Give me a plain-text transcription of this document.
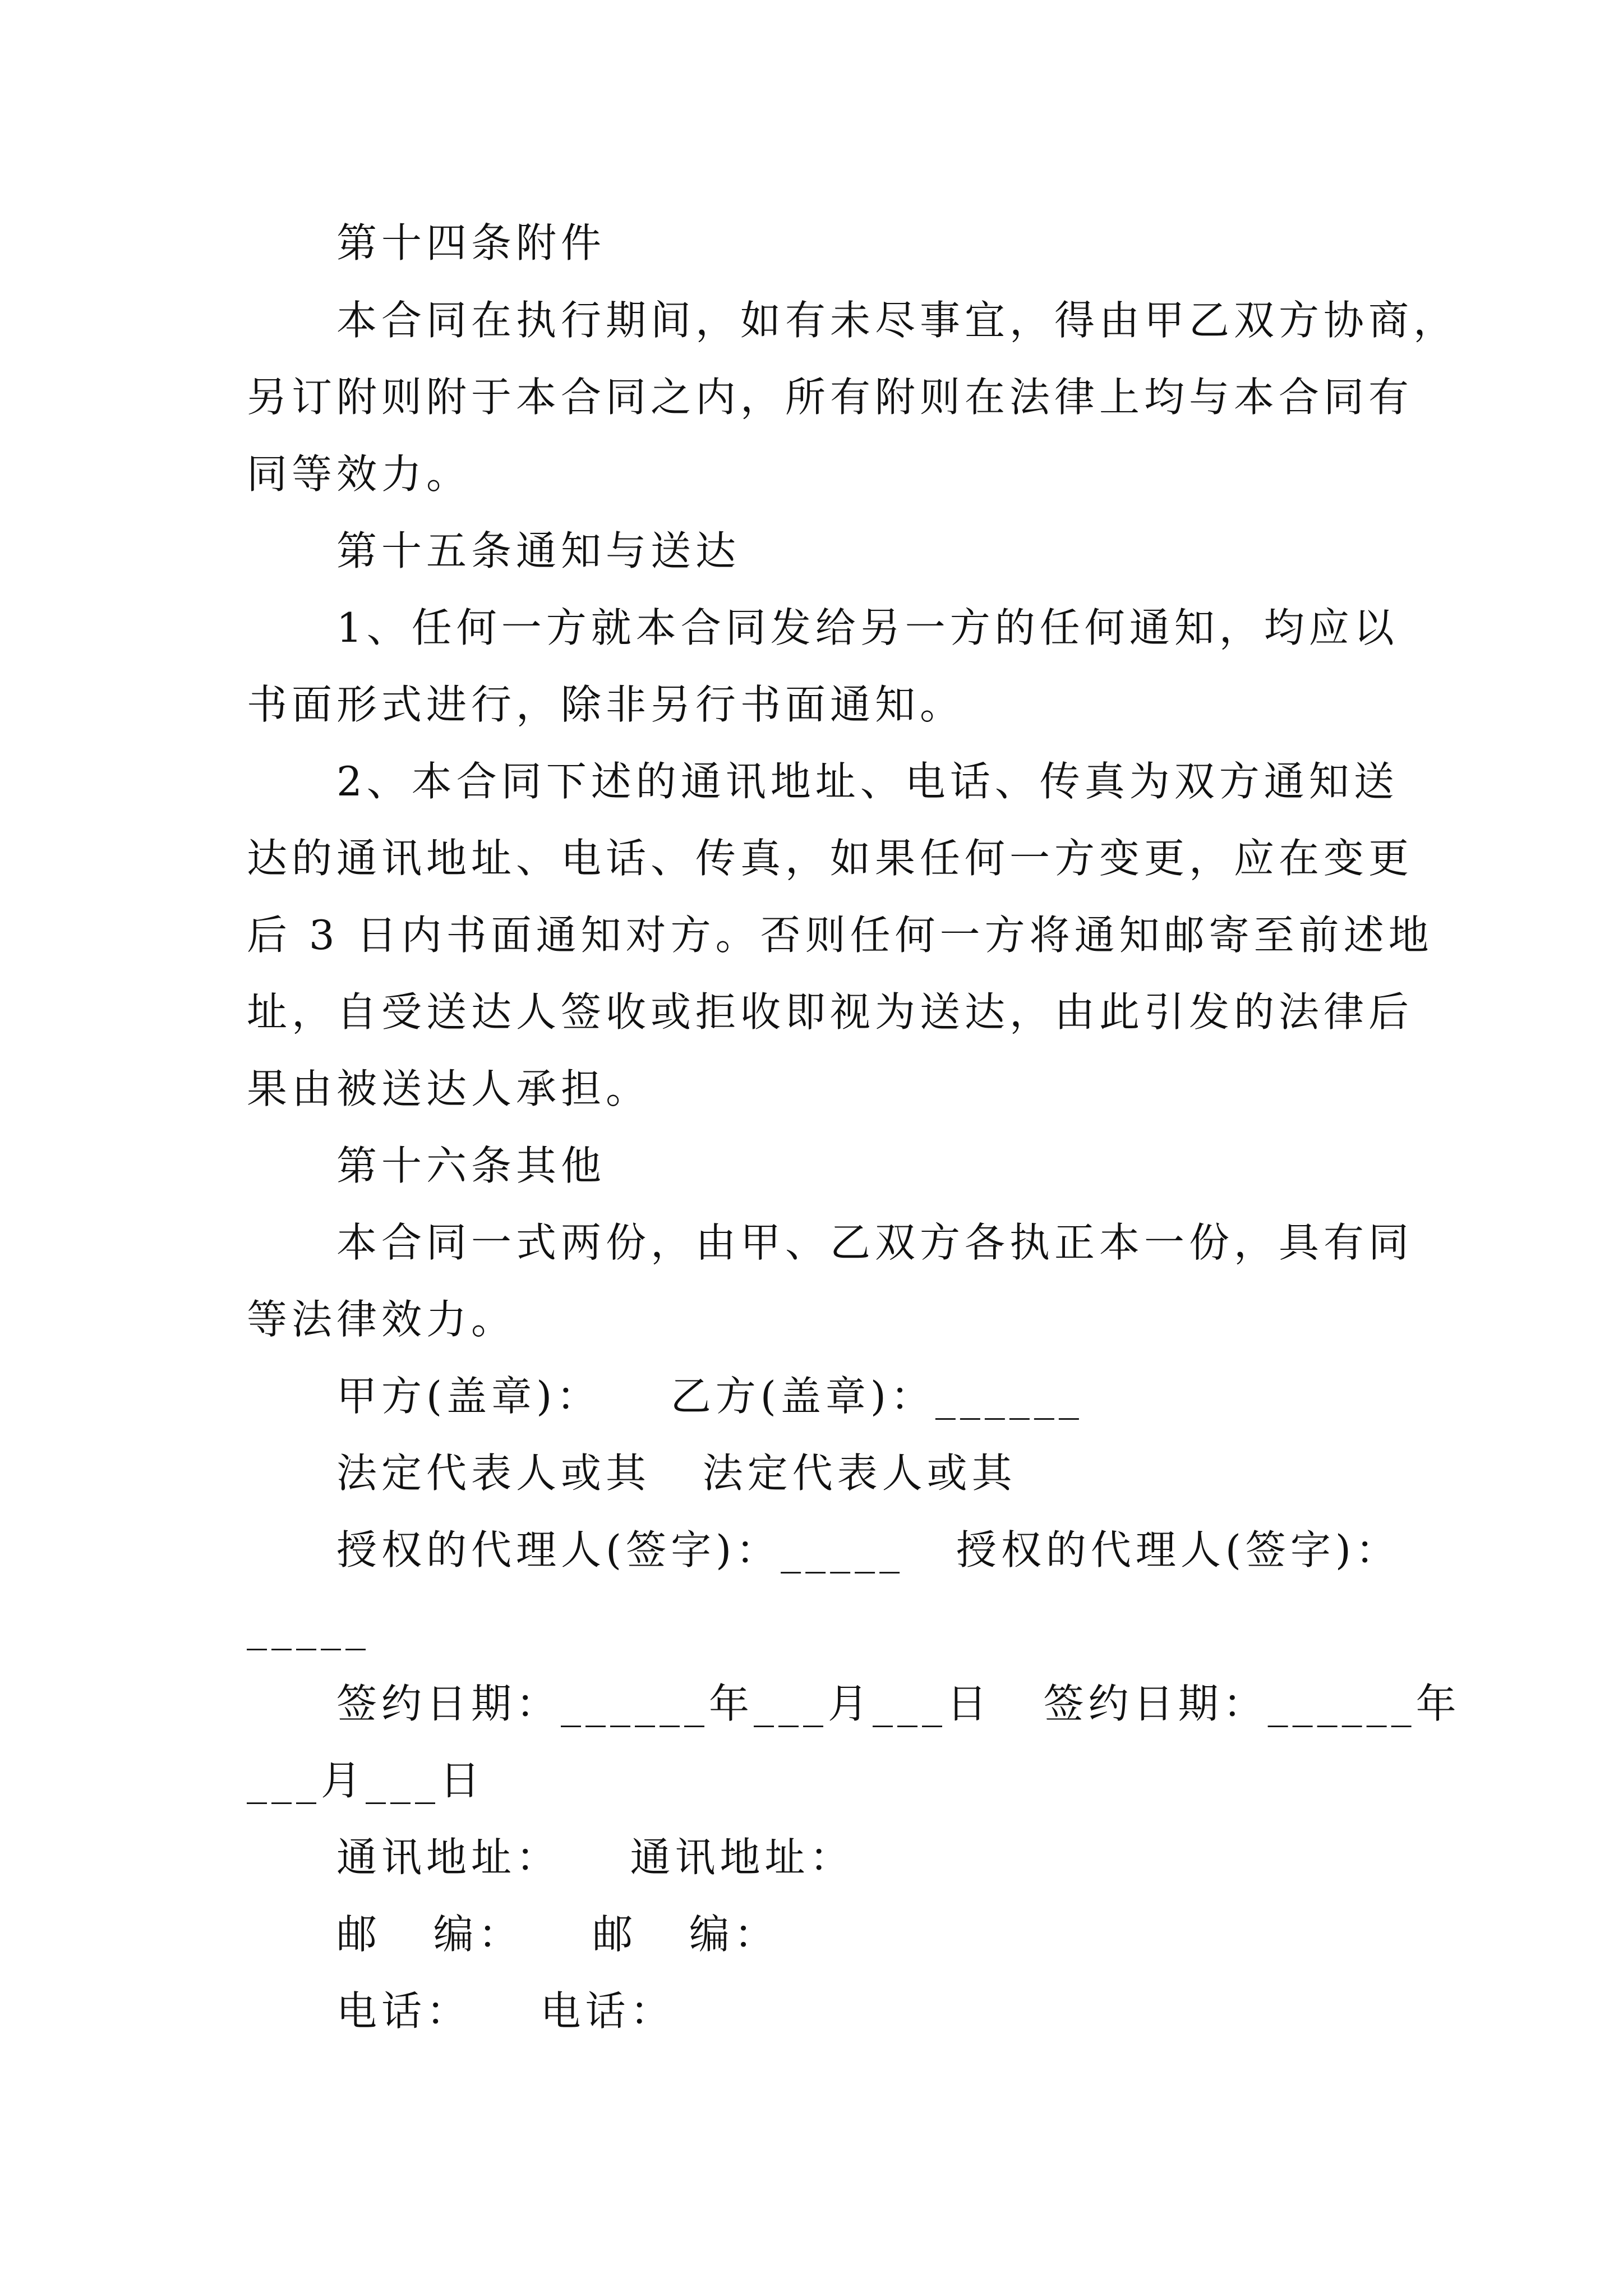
第十四条附件
本合同在执行期间，如有未尽事宜，得由甲乙双方协商，
另订附则附于本合同之内，所有附则在法律上均与本合同有
同等效力。
第十五条通知与送达
1、任何一方就本合同发给另一方的任何通知，均应以
书面形式进行，除非另行书面通知。
2、本合同下述的通讯地址、电话、传真为双方通知送
达的通讯地址、电话、传真，如果任何一方变更，应在变更
后 3 日内书面通知对方。否则任何一方将通知邮寄至前述地
址，自受送达人签收或拒收即视为送达，由此引发的法律后
果由被送达人承担。
第十六条其他
本合同一式两份，由甲、乙双方各执正本一份，具有同
等法律效力。
甲方(盖章)：    乙方(盖章)：______
法定代表人或其   法定代表人或其
授权的代理人(签字)：_____   授权的代理人(签字)：
_____
签约日期：______年___月___日   签约日期：______年
___月___日
通讯地址：    通讯地址：
邮   编：    邮   编：
电话：    电话：
